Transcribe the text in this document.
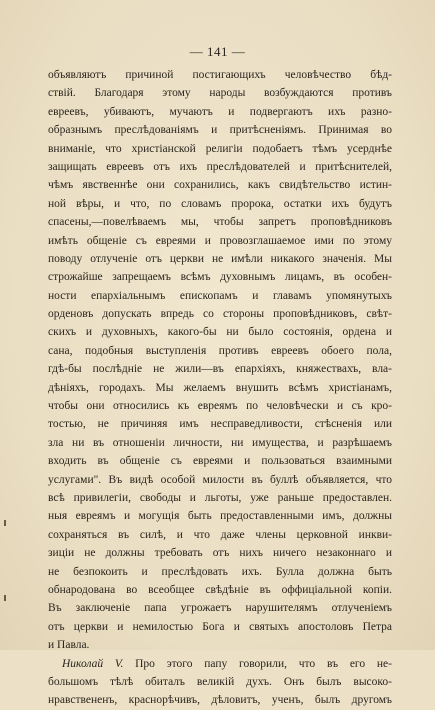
— 141 —
объявляютъ причиной постигающихъ человѣчество бѣд-
ствій. Благодаря этому народы возбуждаются противъ
евреевъ, убиваютъ, мучаютъ и подвергаютъ ихъ разно-
образнымъ преслѣдованіямъ и притѣсненіямъ. Принимая во
вниманіе, что христіанской религіи подобаетъ тѣмъ усерднѣе
защищать евреевъ отъ ихъ преслѣдователей и притѣснителей,
чѣмъ явственнѣе они сохранились, какъ свидѣтельство истин-
ной вѣры, и что, по словамъ пророка, остатки ихъ будутъ
спасены,—повелѣваемъ мы, чтобы запретъ проповѣдниковъ
имѣть общеніе съ евреями и провозглашаемое ими по этому
поводу отлученіе отъ церкви не имѣли никакого значенія. Мы
строжайше запрещаемъ всѣмъ духовнымъ лицамъ, въ особен-
ности епархіальнымъ епископамъ и главамъ упомянутыхъ
орденовъ допускать впредь со стороны проповѣдниковъ, свѣт-
скихъ и духовныхъ, какого-бы ни было состоянія, ордена и
сана, подобныя выступленія противъ евреевъ обоего пола,
гдѣ-бы послѣдніе не жили—въ епархіяхъ, княжествахъ, вла-
дѣніяхъ, городахъ. Мы желаемъ внушить всѣмъ христіанамъ,
чтобы они относились къ евреямъ по человѣчески и съ кро-
тостью, не причиняя имъ несправедливости, стѣсненія или
зла ни въ отношеніи личности, ни имущества, и разрѣшаемъ
входить въ общеніе съ евреями и пользоваться взаимными
услугами". Въ видѣ особой милости въ буллѣ объявляется, что
всѣ привилегіи, свободы и льготы, уже раньше предоставлен.
ныя евреямъ и могущія быть предоставленными имъ, должны
сохраняться въ силѣ, и что даже члены церковной инкви-
зиціи не должны требовать отъ нихъ ничего незаконнаго и
не безпокоить и преслѣдовать ихъ. Булла должна быть
обнародована во всеобщее свѣдѣніе въ оффиціальной копіи.
Въ заключеніе папа угрожаетъ нарушителямъ отлученіемъ
отъ церкви и немилостью Бога и святыхъ апостоловъ Петра
и Павла.
Николай V. Про этого папу говорили, что въ его не-
большомъ тѣлѣ обиталъ великій духъ. Онъ былъ высоко-
нравствененъ, краснорѣчивъ, дѣловитъ, ученъ, былъ другомъ
